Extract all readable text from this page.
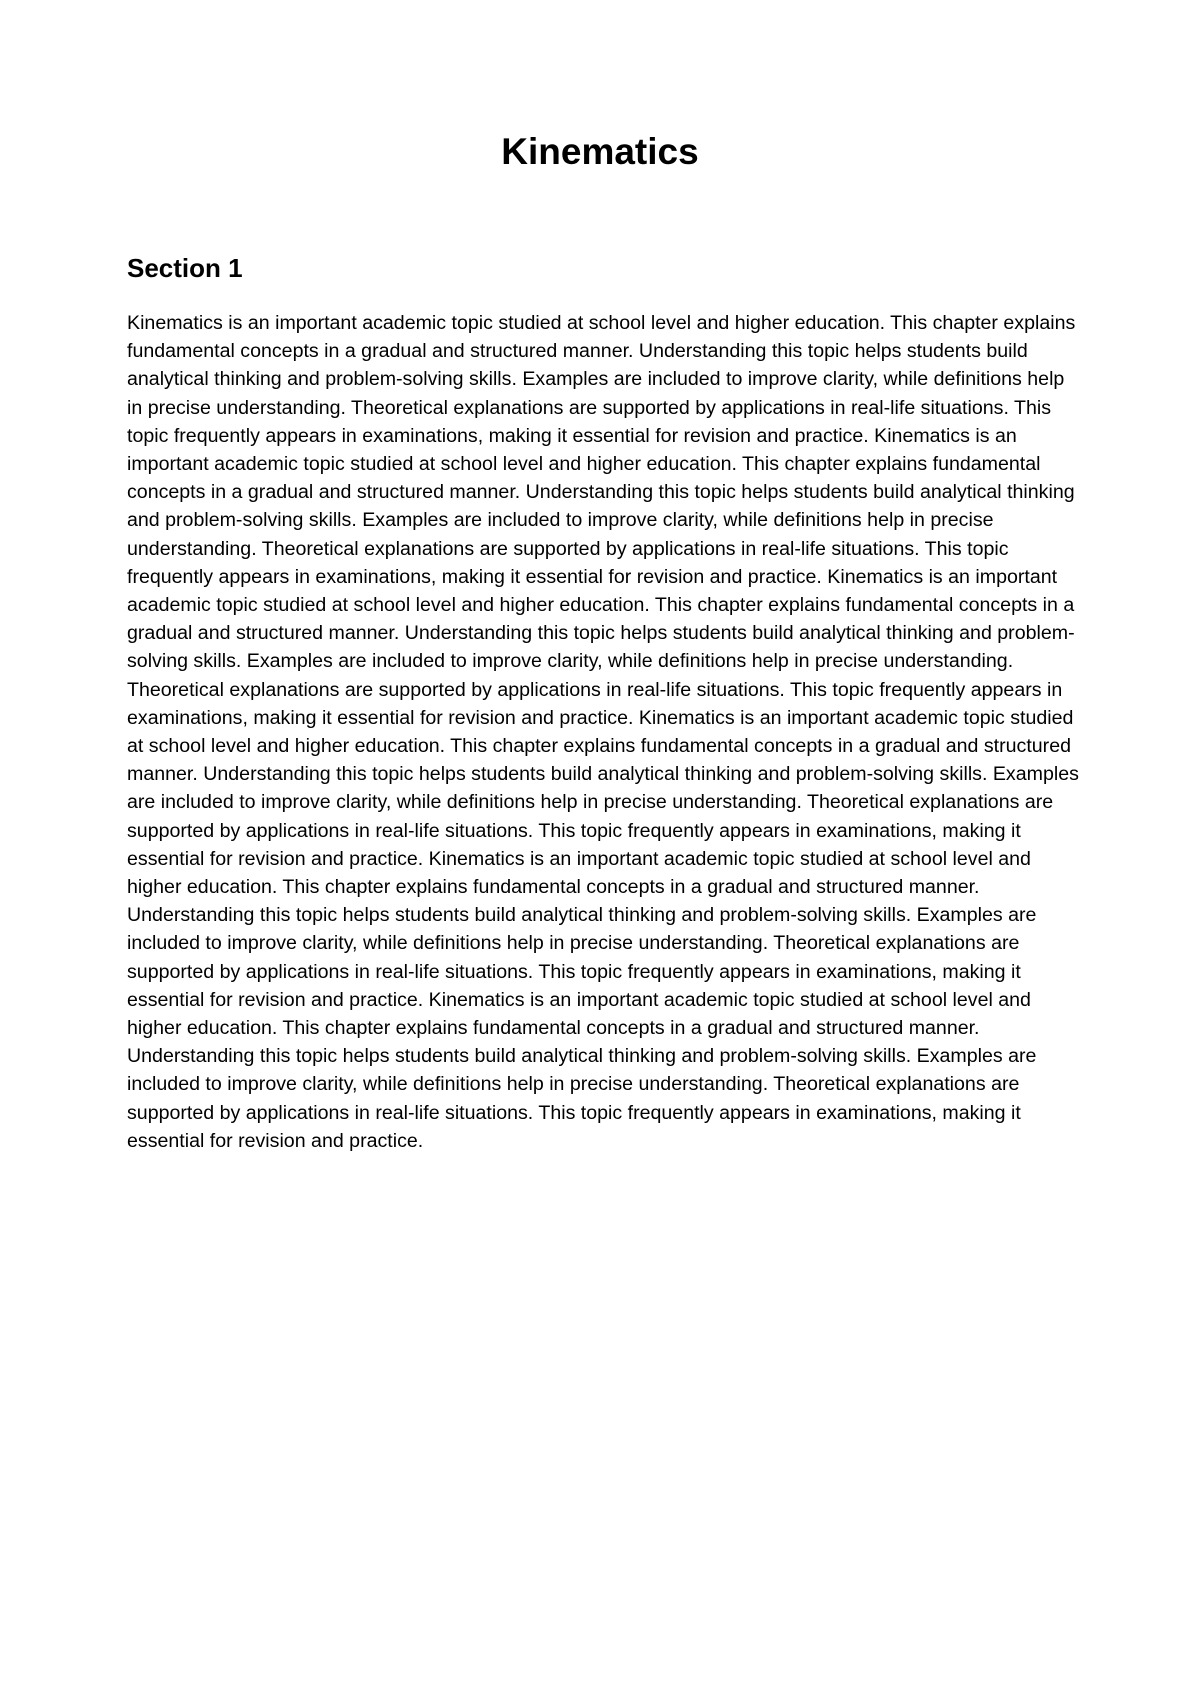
Kinematics
Section 1

Kinematics is an important academic topic studied at school level and higher education. This chapter explains fundamental concepts in a gradual and structured manner. Understanding this topic helps students build analytical thinking and problem-solving skills. Examples are included to improve clarity, while definitions help in precise understanding. Theoretical explanations are supported by applications in real-life situations. This topic frequently appears in examinations, making it essential for revision and practice. Kinematics is an important academic topic studied at school level and higher education. This chapter explains fundamental concepts in a gradual and structured manner. Understanding this topic helps students build analytical thinking and problem-solving skills. Examples are included to improve clarity, while definitions help in precise understanding. Theoretical explanations are supported by applications in real-life situations. This topic frequently appears in examinations, making it essential for revision and practice. Kinematics is an important academic topic studied at school level and higher education. This chapter explains fundamental concepts in a gradual and structured manner. Understanding this topic helps students build analytical thinking and problem-solving skills. Examples are included to improve clarity, while definitions help in precise understanding. Theoretical explanations are supported by applications in real-life situations. This topic frequently appears in examinations, making it essential for revision and practice. Kinematics is an important academic topic studied at school level and higher education. This chapter explains fundamental concepts in a gradual and structured manner. Understanding this topic helps students build analytical thinking and problem-solving skills. Examples are included to improve clarity, while definitions help in precise understanding. Theoretical explanations are supported by applications in real-life situations. This topic frequently appears in examinations, making it essential for revision and practice. Kinematics is an important academic topic studied at school level and higher education. This chapter explains fundamental concepts in a gradual and structured manner. Understanding this topic helps students build analytical thinking and problem-solving skills. Examples are included to improve clarity, while definitions help in precise understanding. Theoretical explanations are supported by applications in real-life situations. This topic frequently appears in examinations, making it essential for revision and practice. Kinematics is an important academic topic studied at school level and higher education. This chapter explains fundamental concepts in a gradual and structured manner. Understanding this topic helps students build analytical thinking and problem-solving skills. Examples are included to improve clarity, while definitions help in precise understanding. Theoretical explanations are supported by applications in real-life situations. This topic frequently appears in examinations, making it essential for revision and practice.
